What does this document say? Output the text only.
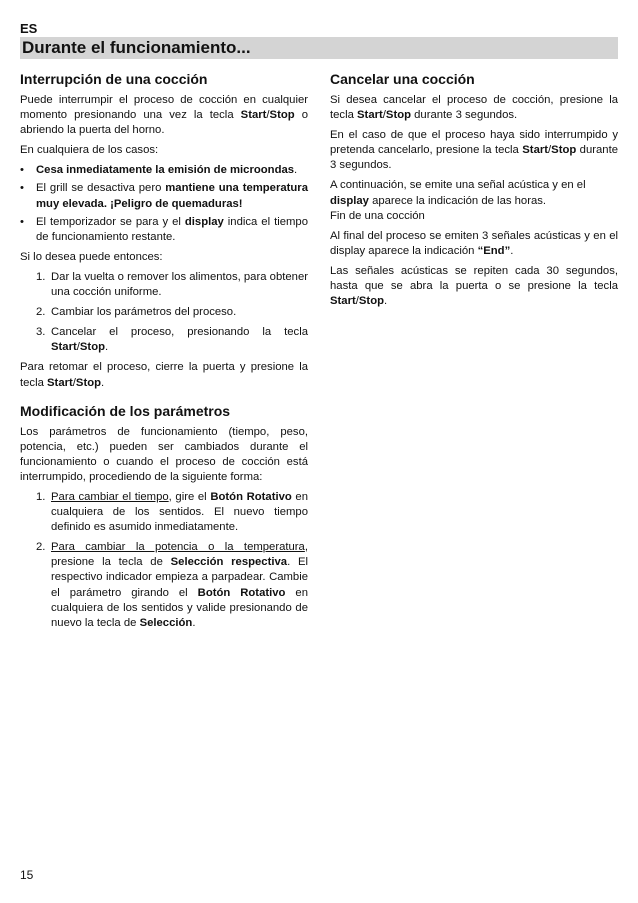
ES
Durante el funcionamiento...
Interrupción de una cocción

Puede interrumpir el proceso de cocción en cualquier momento presionando una vez la tecla Start/Stop o abriendo la puerta del horno.

En cualquiera de los casos:

• Cesa inmediatamente la emisión de microondas.
• El grill se desactiva pero mantiene una temperatura muy elevada. ¡Peligro de quemaduras!
• El temporizador se para y el display indica el tiempo de funcionamiento restante.

Si lo desea puede entonces:

1. Dar la vuelta o remover los alimentos, para obtener una cocción uniforme.
2. Cambiar los parámetros del proceso.
3. Cancelar el proceso, presionando la tecla Start/Stop.

Para retomar el proceso, cierre la puerta y presione la tecla Start/Stop.

Modificación de los parámetros

Los parámetros de funcionamiento (tiempo, peso, potencia, etc.) pueden ser cambiados durante el funcionamiento o cuando el proceso de cocción está interrumpido, procediendo de la siguiente forma:

1. Para cambiar el tiempo, gire el Botón Rotativo en cualquiera de los sentidos. El nuevo tiempo definido es asumido inmediatamente.
2. Para cambiar la potencia o la temperatura, presione la tecla de Selección respectiva. El respectivo indicador empieza a parpadear. Cambie el parámetro girando el Botón Rotativo en cualquiera de los sentidos y valide presionando de nuevo la tecla de Selección.
Cancelar una cocción

Si desea cancelar el proceso de cocción, presione la tecla Start/Stop durante 3 segundos.

En el caso de que el proceso haya sido interrumpido y pretenda cancelarlo, presione la tecla Start/Stop durante 3 segundos.

A continuación, se emite una señal acústica y en el display aparece la indicación de las horas.
Fin de una cocción

Al final del proceso se emiten 3 señales acústicas y en el display aparece la indicación “End”.

Las señales acústicas se repiten cada 30 segundos, hasta que se abra la puerta o se presione la tecla Start/Stop.

15
